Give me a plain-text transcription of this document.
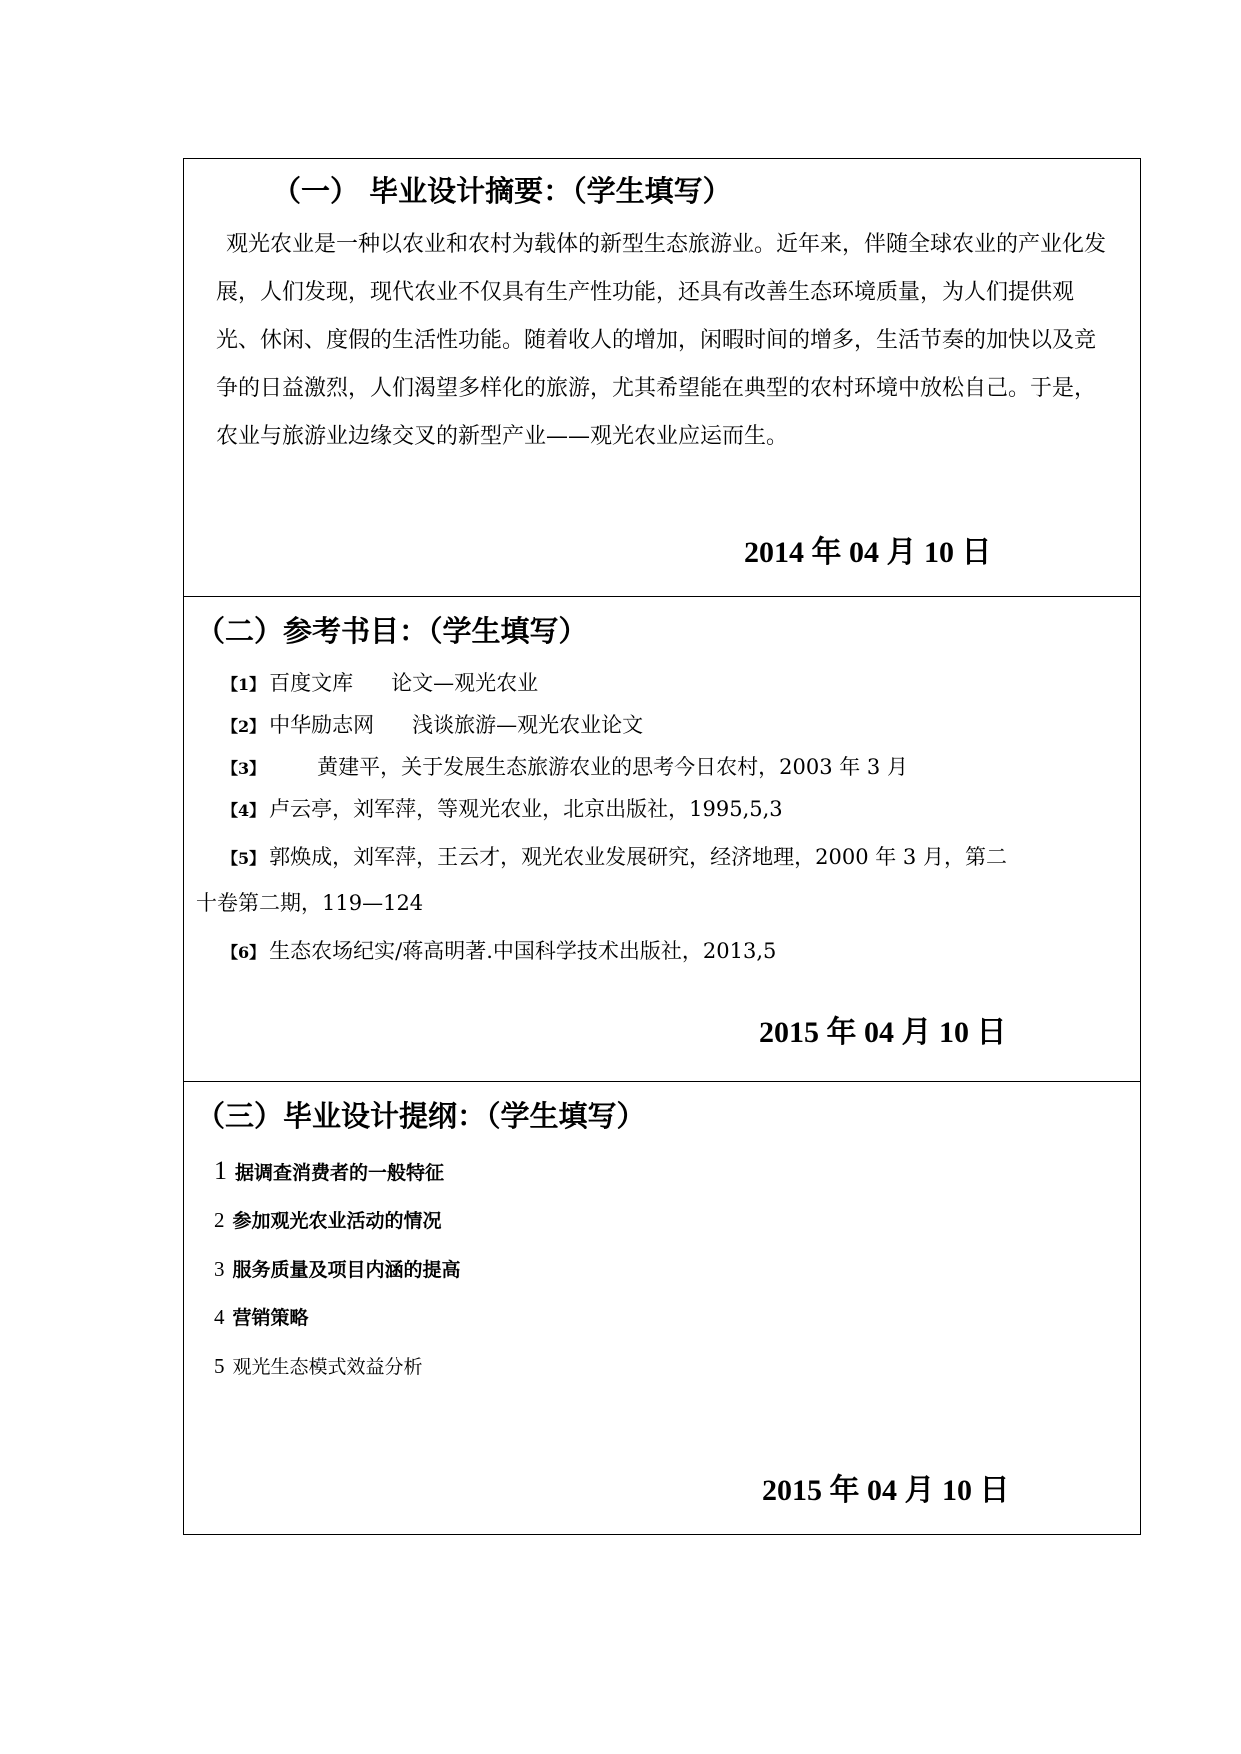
（一） 毕业设计摘要：（学生填写）

观光农业是一种以农业和农村为载体的新型生态旅游业。近年来，伴随全球农业的产业化发展，人们发现，现代农业不仅具有生产性功能，还具有改善生态环境质量，为人们提供观光、休闲、度假的生活性功能。随着收人的增加，闲暇时间的增多，生活节奏的加快以及竞争的日益激烈，人们渴望多样化的旅游，尤其希望能在典型的农村环境中放松自己。于是，农业与旅游业边缘交叉的新型产业——观光农业应运而生。

2014 年 04 月 10 日
（二）参考书目：（学生填写）
【1】 百度文库 论文—观光农业
【2】 中华励志网 浅谈旅游—观光农业论文
【3】 黄建平，关于发展生态旅游农业的思考今日农村，2003 年 3 月
【4】 卢云亭，刘军萍，等观光农业，北京出版社，1995,5,3
【5】 郭焕成，刘军萍，王云才，观光农业发展研究，经济地理，2000 年 3 月，第二
十卷第二期，119—124
【6】 生态农场纪实/蒋高明著.中国科学技术出版社，2013,5
2015 年 04 月 10 日
（三）毕业设计提纲：（学生填写）
1 据调查消费者的一般特征
2 参加观光农业活动的情况
3 服务质量及项目内涵的提高
4 营销策略
5 观光生态模式效益分析
2015 年 04 月 10 日
